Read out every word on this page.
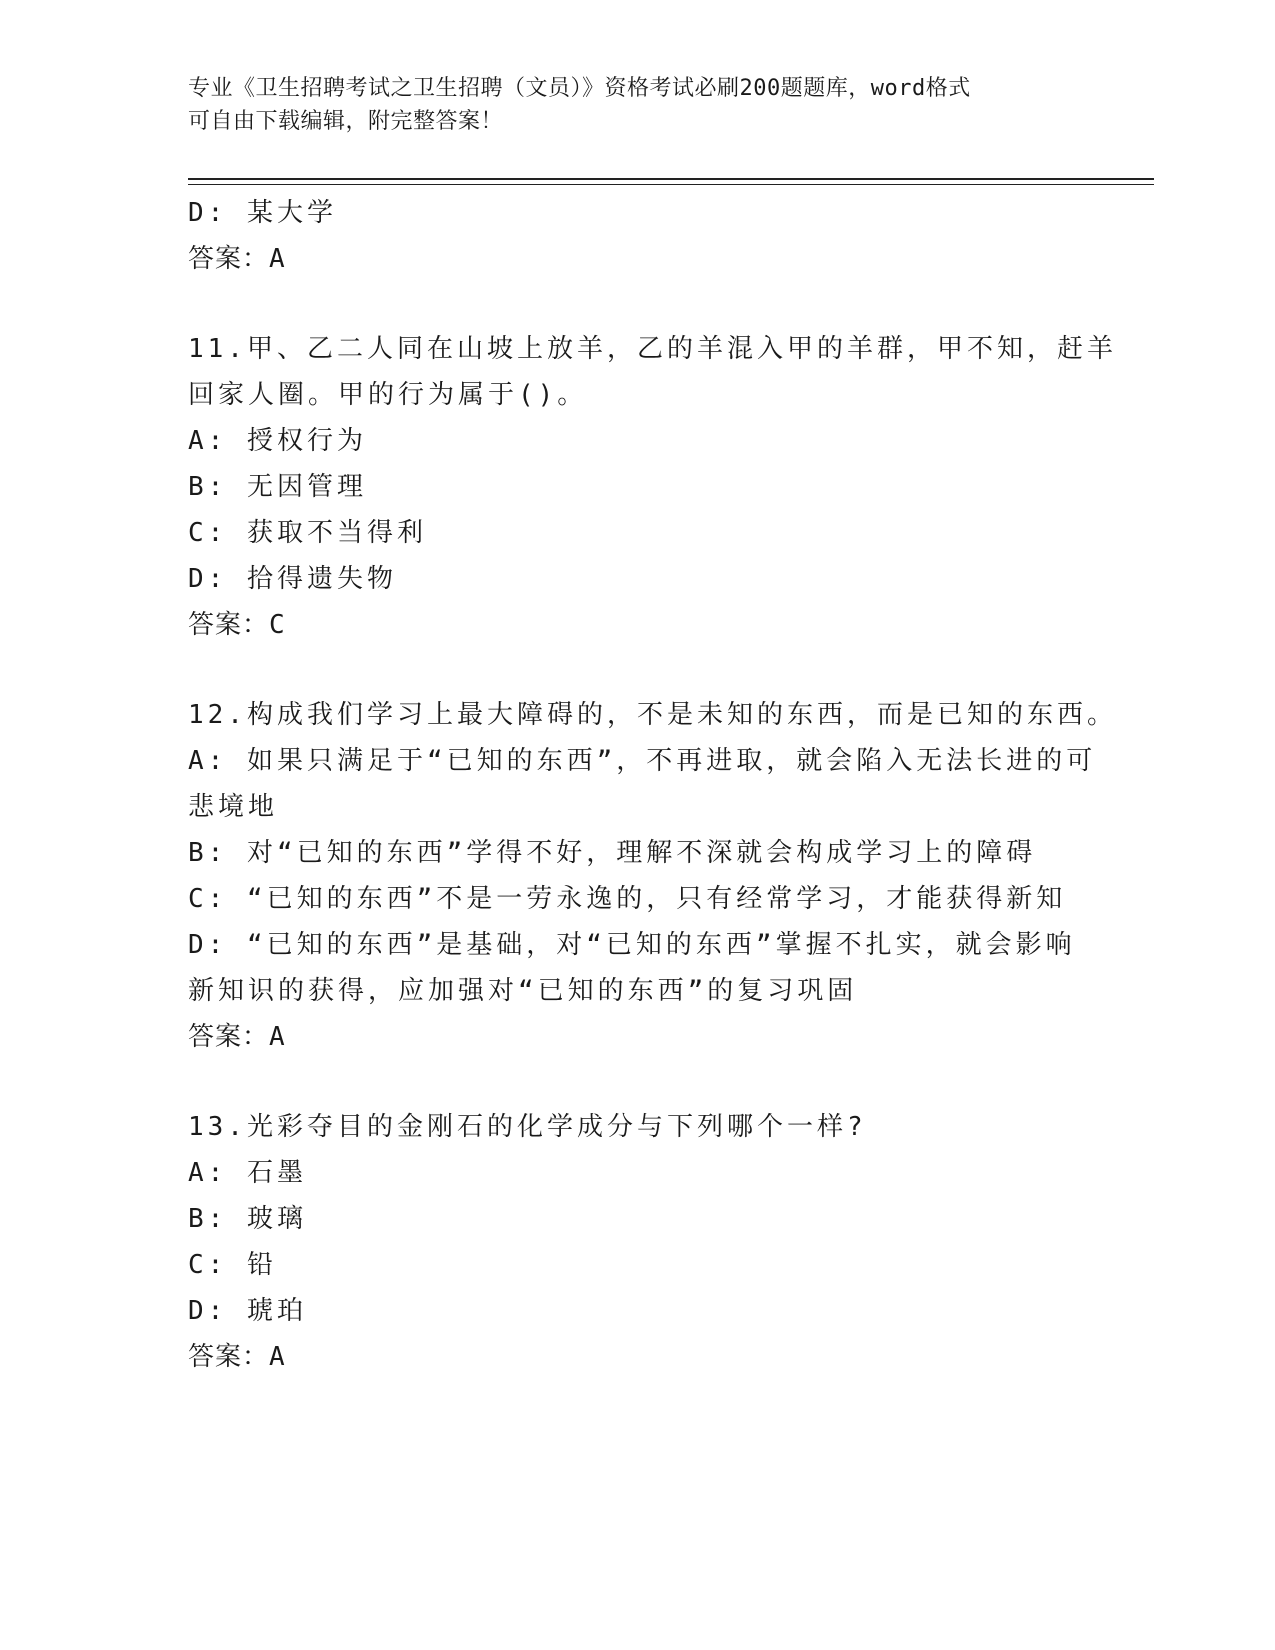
专业《卫生招聘考试之卫生招聘（文员）》资格考试必刷200题题库，word格式
可自由下载编辑，附完整答案！
D: 某大学
答案：A
11.甲、乙二人同在山坡上放羊，乙的羊混入甲的羊群，甲不知，赶羊
回家人圈。甲的行为属于()。
A: 授权行为
B: 无因管理
C: 获取不当得利
D: 拾得遗失物
答案：C
12.构成我们学习上最大障碍的，不是未知的东西，而是已知的东西。
A: 如果只满足于“已知的东西”，不再进取，就会陷入无法长进的可
悲境地
B: 对“已知的东西”学得不好，理解不深就会构成学习上的障碍
C: “已知的东西”不是一劳永逸的，只有经常学习，才能获得新知
D: “已知的东西”是基础，对“已知的东西”掌握不扎实，就会影响
新知识的获得，应加强对“已知的东西”的复习巩固
答案：A
13.光彩夺目的金刚石的化学成分与下列哪个一样?
A: 石墨
B: 玻璃
C: 铅
D: 琥珀
答案：A
